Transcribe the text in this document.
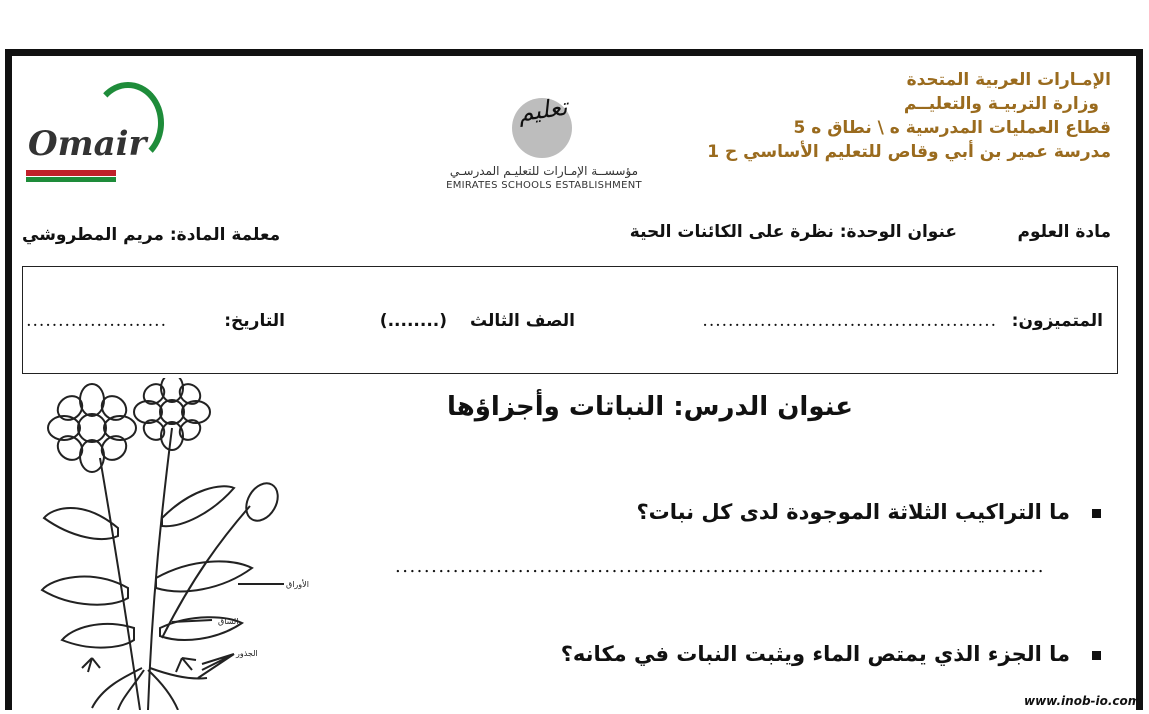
الإمـارات العربية المتحدة
وزارة التربيـة والتعليــم
قطاع العمليات المدرسية ه \ نطاق ه 5
مدرسة عمير بن أبي وقاص للتعليم الأساسي ح 1
تعليم
مؤسســة الإمـارات للتعليـم المدرسـي
EMIRATES SCHOOLS ESTABLISHMENT
Omair
مادة العلوم
عنوان الوحدة: نظرة على الكائنات الحية
معلمة المادة: مريم المطروشي
المتميزون:
..............................................
الصف الثالث
(........)
التاريخ:
......................
عنوان الدرس: النباتات وأجزاؤها
ما التراكيب الثلاثة الموجودة لدى كل نبات؟
..........................................................................................
ما الجزء الذي يمتص الماء ويثبت النبات في مكانه؟
الأوراق
الساق
الجذور
www.inob-io.com
